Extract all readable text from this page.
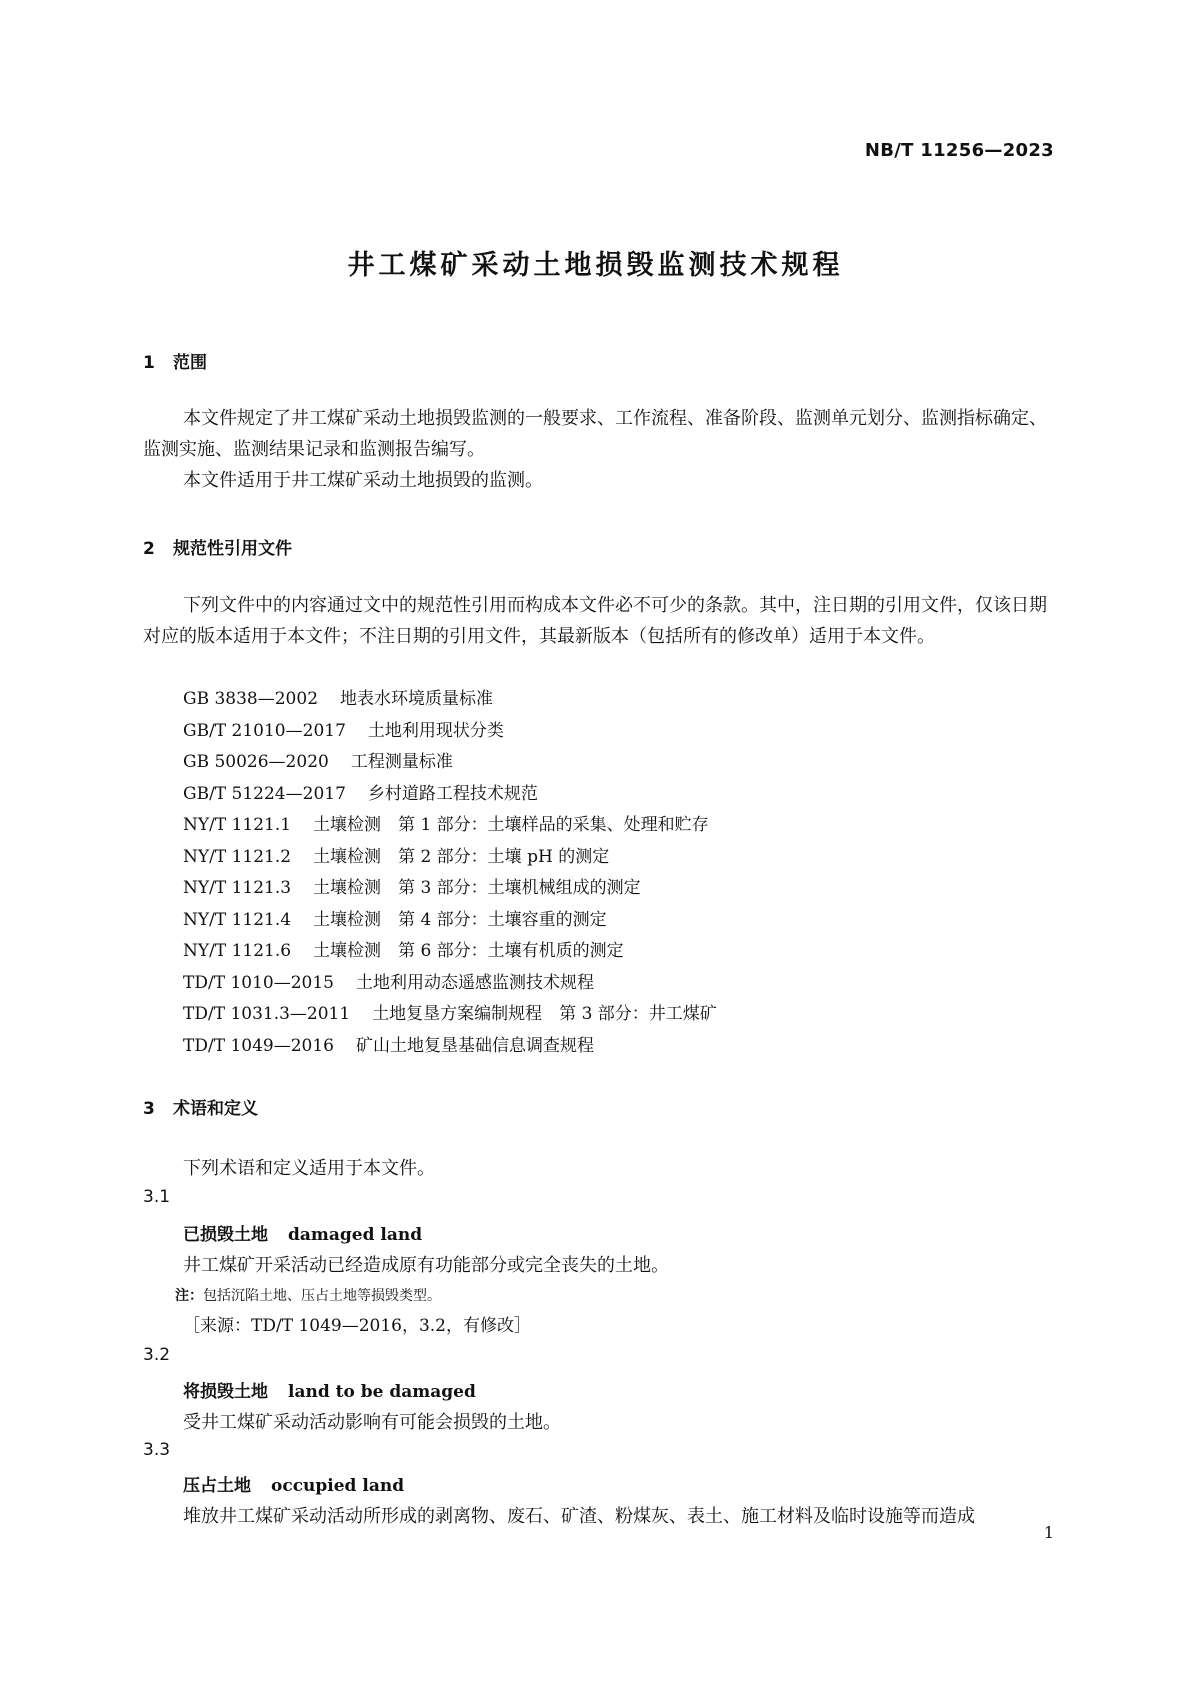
NB/T 11256—2023
井工煤矿采动土地损毁监测技术规程
1 范围

本文件规定了井工煤矿采动土地损毁监测的一般要求、工作流程、准备阶段、监测单元划分、监测指标确定、监测实施、监测结果记录和监测报告编写。

本文件适用于井工煤矿采动土地损毁的监测。

2 规范性引用文件

下列文件中的内容通过文中的规范性引用而构成本文件必不可少的条款。其中，注日期的引用文件，仅该日期对应的版本适用于本文件；不注日期的引用文件，其最新版本（包括所有的修改单）适用于本文件。

GB 3838—2002 地表水环境质量标准
GB/T 21010—2017 土地利用现状分类
GB 50026—2020 工程测量标准
GB/T 51224—2017 乡村道路工程技术规范
NY/T 1121.1 土壤检测　第 1 部分：土壤样品的采集、处理和贮存
NY/T 1121.2 土壤检测　第 2 部分：土壤 pH 的测定
NY/T 1121.3 土壤检测　第 3 部分：土壤机械组成的测定
NY/T 1121.4 土壤检测　第 4 部分：土壤容重的测定
NY/T 1121.6 土壤检测　第 6 部分：土壤有机质的测定
TD/T 1010—2015 土地利用动态遥感监测技术规程
TD/T 1031.3—2011 土地复垦方案编制规程　第 3 部分：井工煤矿
TD/T 1049—2016 矿山土地复垦基础信息调查规程
3 术语和定义

下列术语和定义适用于本文件。

3.1
已损毁土地 damaged land
井工煤矿开采活动已经造成原有功能部分或完全丧失的土地。
注：包括沉陷土地、压占土地等损毁类型。
［来源：TD/T 1049—2016，3.2，有修改］
3.2
将损毁土地 land to be damaged
受井工煤矿采动活动影响有可能会损毁的土地。
3.3
压占土地 occupied land
堆放井工煤矿采动活动所形成的剥离物、废石、矿渣、粉煤灰、表土、施工材料及临时设施等而造成
1
